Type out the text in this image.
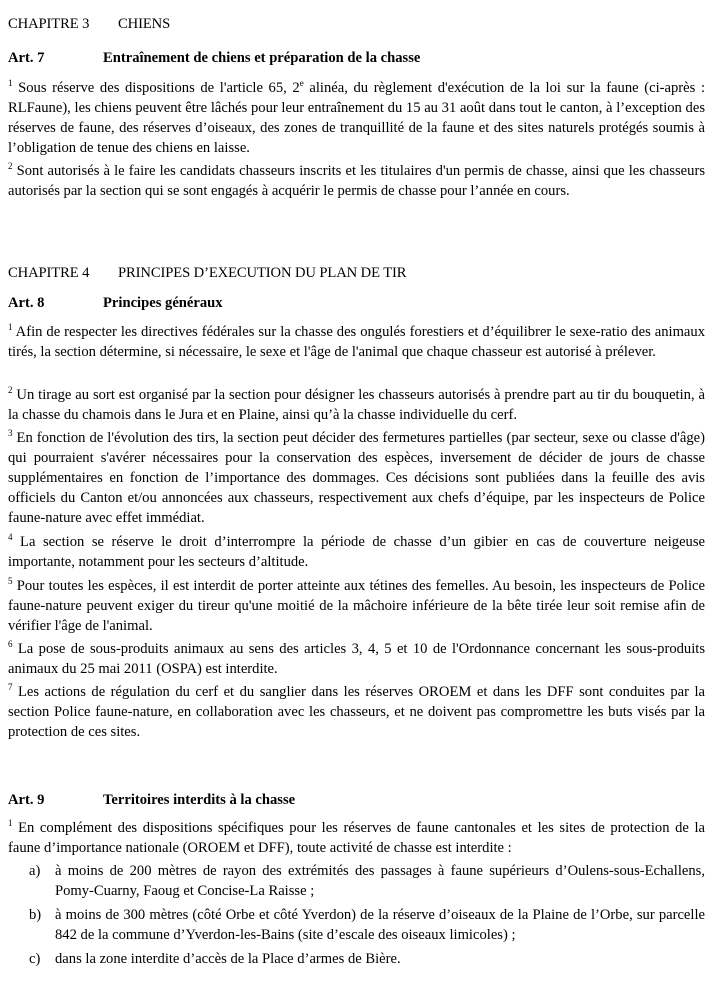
CHAPITRE 3 CHIENS
Art. 7	Entraînement de chiens et préparation de la chasse

$^1$ Sous réserve des dispositions de l'article 65, 2e alinéa, du règlement d'exécution de la loi sur la faune (ci-après : RLFaune), les chiens peuvent être lâchés pour leur entraînement du 15 au 31 août dans tout le canton, à l’exception des réserves de faune, des réserves d’oiseaux, des zones de tranquillité de la faune et des sites naturels protégés soumis à l’obligation de tenue des chiens en laisse.

$^2$ Sont autorisés à le faire les candidats chasseurs inscrits et les titulaires d'un permis de chasse, ainsi que les chasseurs autorisés par la section qui se sont engagés à acquérir le permis de chasse pour l’année en cours.

CHAPITRE 4 PRINCIPES D’EXECUTION DU PLAN DE TIR
Art. 8	Principes généraux

$^1$ Afin de respecter les directives fédérales sur la chasse des ongulés forestiers et d’équilibrer le sexe-ratio des animaux tirés, la section détermine, si nécessaire, le sexe et l'âge de l'animal que chaque chasseur est autorisé à prélever.

$^2$ Un tirage au sort est organisé par la section pour désigner les chasseurs autorisés à prendre part au tir du bouquetin, à la chasse du chamois dans le Jura et en Plaine, ainsi qu’à la chasse individuelle du cerf.

$^3$ En fonction de l'évolution des tirs, la section peut décider des fermetures partielles (par secteur, sexe ou classe d'âge) qui pourraient s'avérer nécessaires pour la conservation des espèces, inversement de décider de jours de chasse supplémentaires en fonction de l’importance des dommages. Ces décisions sont publiées dans la feuille des avis officiels du Canton et/ou annoncées aux chasseurs, respectivement aux chefs d’équipe, par les inspecteurs de Police faune-nature avec effet immédiat.

$^4$ La section se réserve le droit d’interrompre la période de chasse d’un gibier en cas de couverture neigeuse importante, notamment pour les secteurs d’altitude.

$^5$ Pour toutes les espèces, il est interdit de porter atteinte aux tétines des femelles. Au besoin, les inspecteurs de Police faune-nature peuvent exiger du tireur qu'une moitié de la mâchoire inférieure de la bête tirée leur soit remise afin de vérifier l'âge de l'animal.

$^6$ La pose de sous-produits animaux au sens des articles 3, 4, 5 et 10 de l'Ordonnance concernant les sous-produits animaux du 25 mai 2011 (OSPA) est interdite.

$^7$ Les actions de régulation du cerf et du sanglier dans les réserves OROEM et dans les DFF sont conduites par la section Police faune-nature, en collaboration avec les chasseurs, et ne doivent pas compromettre les buts visés par la protection de ces sites.

Art. 9	Territoires interdits à la chasse

$^1$ En complément des dispositions spécifiques pour les réserves de faune cantonales et les sites de protection de la faune d’importance nationale (OROEM et DFF), toute activité de chasse est interdite :

a) à moins de 200 mètres de rayon des extrémités des passages à faune supérieurs d’Oulens-sous-Echallens, Pomy-Cuarny, Faoug et Concise-La Raisse ;
b) à moins de 300 mètres (côté Orbe et côté Yverdon) de la réserve d’oiseaux de la Plaine de l’Orbe, sur parcelle 842 de la commune d’Yverdon-les-Bains (site d’escale des oiseaux limicoles) ;
c) dans la zone interdite d’accès de la Place d’armes de Bière.
